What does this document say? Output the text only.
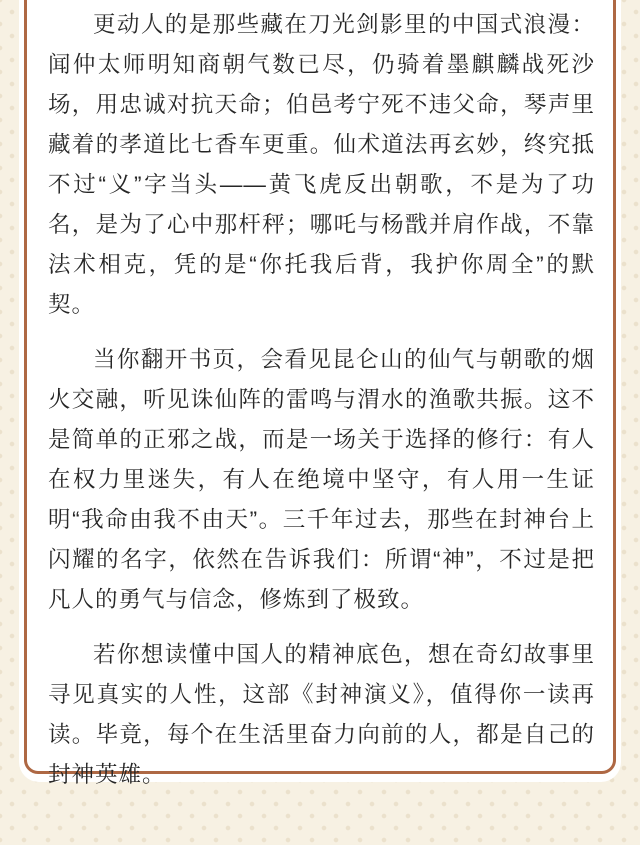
更动人的是那些藏在刀光剑影里的中国式浪漫：闻仲太师明知商朝气数已尽，仍骑着墨麒麟战死沙场，用忠诚对抗天命；伯邑考宁死不违父命，琴声里藏着的孝道比七香车更重。仙术道法再玄妙，终究抵不过“义”字当头——黄飞虎反出朝歌，不是为了功名，是为了心中那杆秤；哪吒与杨戬并肩作战，不靠法术相克，凭的是“你托我后背，我护你周全”的默契。

当你翻开书页，会看见昆仑山的仙气与朝歌的烟火交融，听见诛仙阵的雷鸣与渭水的渔歌共振。这不是简单的正邪之战，而是一场关于选择的修行：有人在权力里迷失，有人在绝境中坚守，有人用一生证明“我命由我不由天”。三千年过去，那些在封神台上闪耀的名字，依然在告诉我们：所谓“神”，不过是把凡人的勇气与信念，修炼到了极致。

若你想读懂中国人的精神底色，想在奇幻故事里寻见真实的人性，这部《封神演义》，值得你一读再读。毕竟，每个在生活里奋力向前的人，都是自己的封神英雄。
